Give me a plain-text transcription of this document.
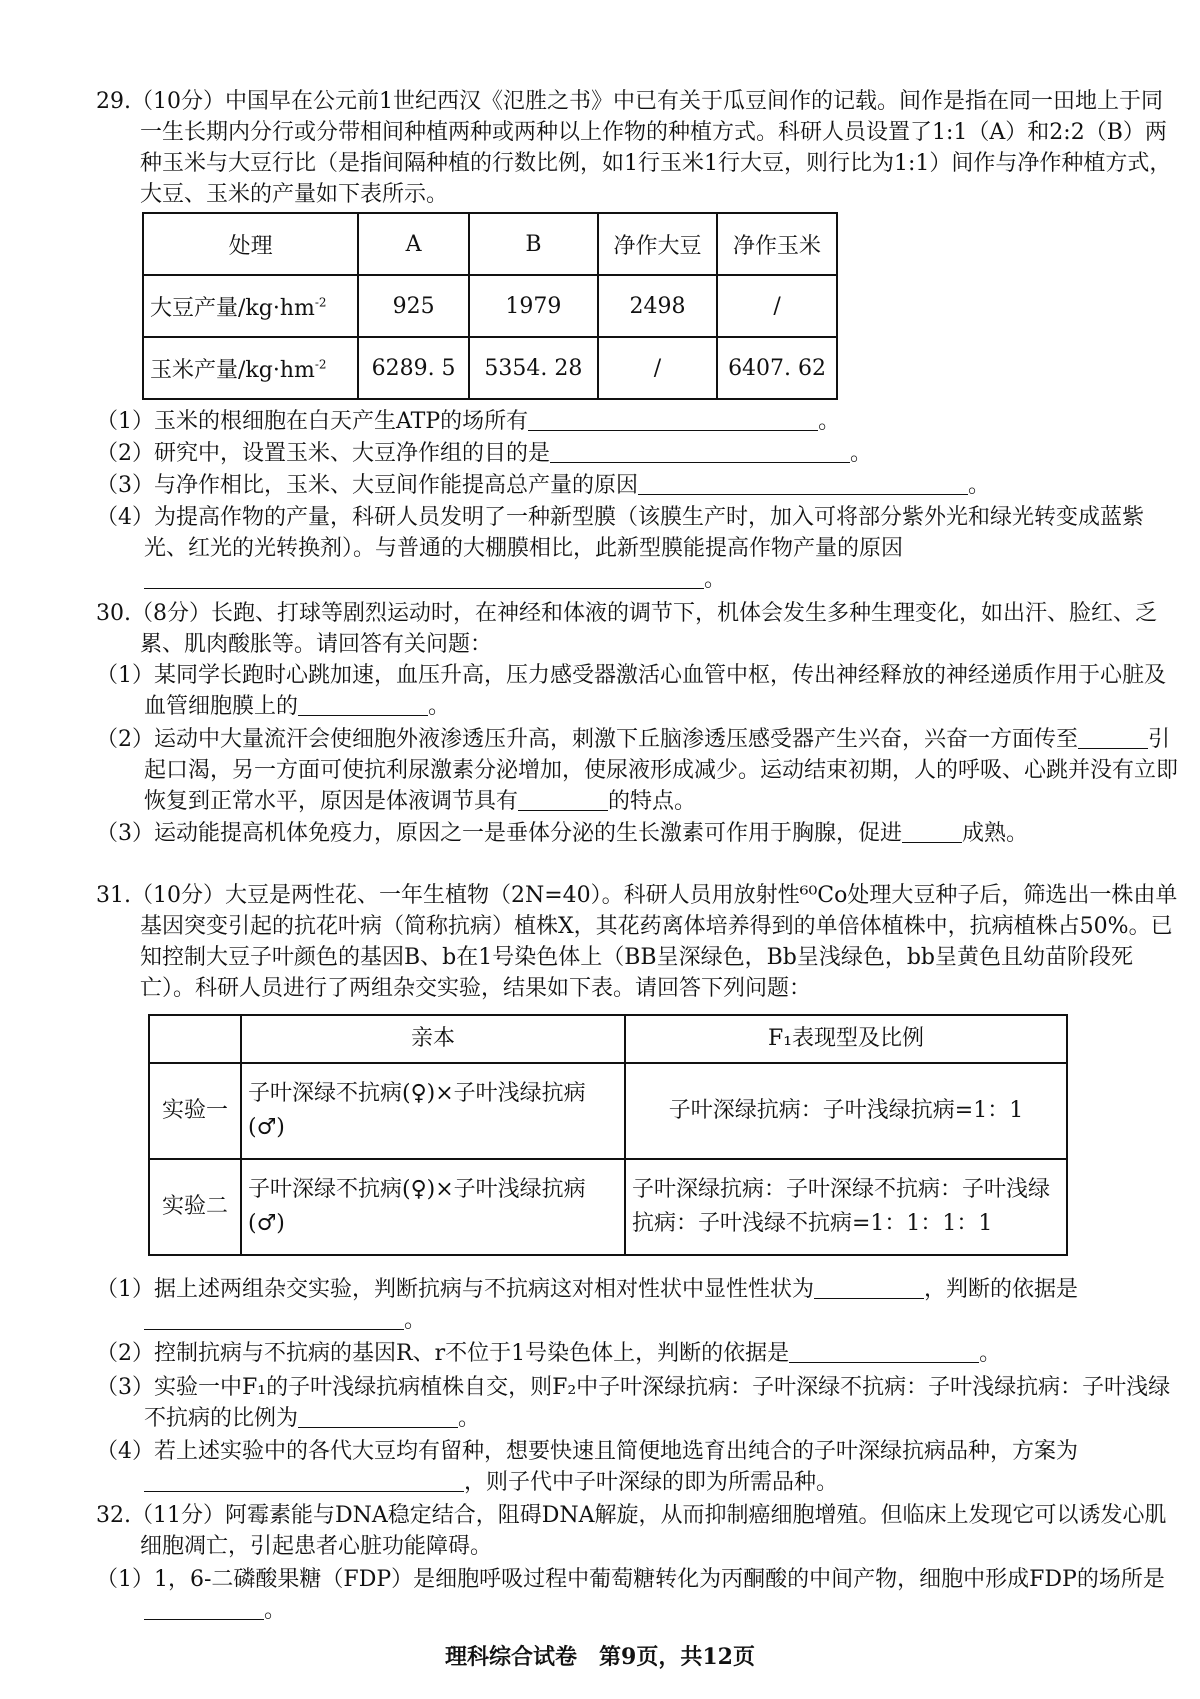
29.（10分）中国早在公元前1世纪西汉《氾胜之书》中已有关于瓜豆间作的记载。间作是指在同一田地上于同一生长期内分行或分带相间种植两种或两种以上作物的种植方式。科研人员设置了1:1（A）和2:2（B）两种玉米与大豆行比（是指间隔种植的行数比例，如1行玉米1行大豆，则行比为1:1）间作与净作种植方式，大豆、玉米的产量如下表所示。
处理	A	B	净作大豆	净作玉米
大豆产量$/kg\cdot hm^{-2}$	925	1979	2498	/
玉米产量$/kg\cdot hm^{-2}$	6289. 5	5354. 28	/	6407. 62
（1）玉米的根细胞在白天产生ATP的场所有	。
（2）研究中，设置玉米、大豆净作组的目的是	。
（3）与净作相比，玉米、大豆间作能提高总产量的原因	。
（4）为提高作物的产量，科研人员发明了一种新型膜（该膜生产时，加入可将部分紫外光和绿光转变成蓝紫光、红光的光转换剂）。与普通的大棚膜相比，此新型膜能提高作物产量的原因。
30.（8分）长跑、打球等剧烈运动时，在神经和体液的调节下，机体会发生多种生理变化，如出汗、脸红、乏累、肌肉酸胀等。请回答有关问题：
（1）某同学长跑时心跳加速，血压升高，压力感受器激活心血管中枢，传出神经释放的神经递质作用于心脏及血管细胞膜上的	。
（2）运动中大量流汗会使细胞外液渗透压升高，刺激下丘脑渗透压感受器产生兴奋，兴奋一方面传至	引起口渴，另一方面可使抗利尿激素分泌增加，使尿液形成减少。运动结束初期，人的呼吸、心跳并没有立即恢复到正常水平，原因是体液调节具有	的特点。
（3）运动能提高机体免疫力，原因之一是垂体分泌的生长激素可作用于胸腺，促进	成熟。
31.（10分）大豆是两性花、一年生植物（2N=40）。科研人员用放射性⁶⁰Co处理大豆种子后，筛选出一株由单基因突变引起的抗花叶病（简称抗病）植株X，其花药离体培养得到的单倍体植株中，抗病植株占50%。已知控制大豆子叶颜色的基因B、b在1号染色体上（BB呈深绿色，Bb呈浅绿色，bb呈黄色且幼苗阶段死亡）。科研人员进行了两组杂交实验，结果如下表。请回答下列问题：
	亲本	F₁表现型及比例
实验一	子叶深绿不抗病(♀)×子叶浅绿抗病(♂)	子叶深绿抗病：子叶浅绿抗病=1：1
实验二	子叶深绿不抗病(♀)×子叶浅绿抗病(♂)	子叶深绿抗病：子叶深绿不抗病：子叶浅绿抗病：子叶浅绿不抗病=1：1：1：1
（1）据上述两组杂交实验，判断抗病与不抗病这对相对性状中显性性状为	，判断的依据是。
（2）控制抗病与不抗病的基因R、r不位于1号染色体上，判断的依据是	。
（3）实验一中F₁的子叶浅绿抗病植株自交，则F₂中子叶深绿抗病：子叶深绿不抗病：子叶浅绿抗病：子叶浅绿不抗病的比例为	。
（4）若上述实验中的各代大豆均有留种，想要快速且简便地选育出纯合的子叶深绿抗病品种，方案为，则子代中子叶深绿的即为所需品种。
32.（11分）阿霉素能与DNA稳定结合，阻碍DNA解旋，从而抑制癌细胞增殖。但临床上发现它可以诱发心肌细胞凋亡，引起患者心脏功能障碍。
（1）1，6-二磷酸果糖（FDP）是细胞呼吸过程中葡萄糖转化为丙酮酸的中间产物，细胞中形成FDP的场所是。
理科综合试卷　第9页，共12页
